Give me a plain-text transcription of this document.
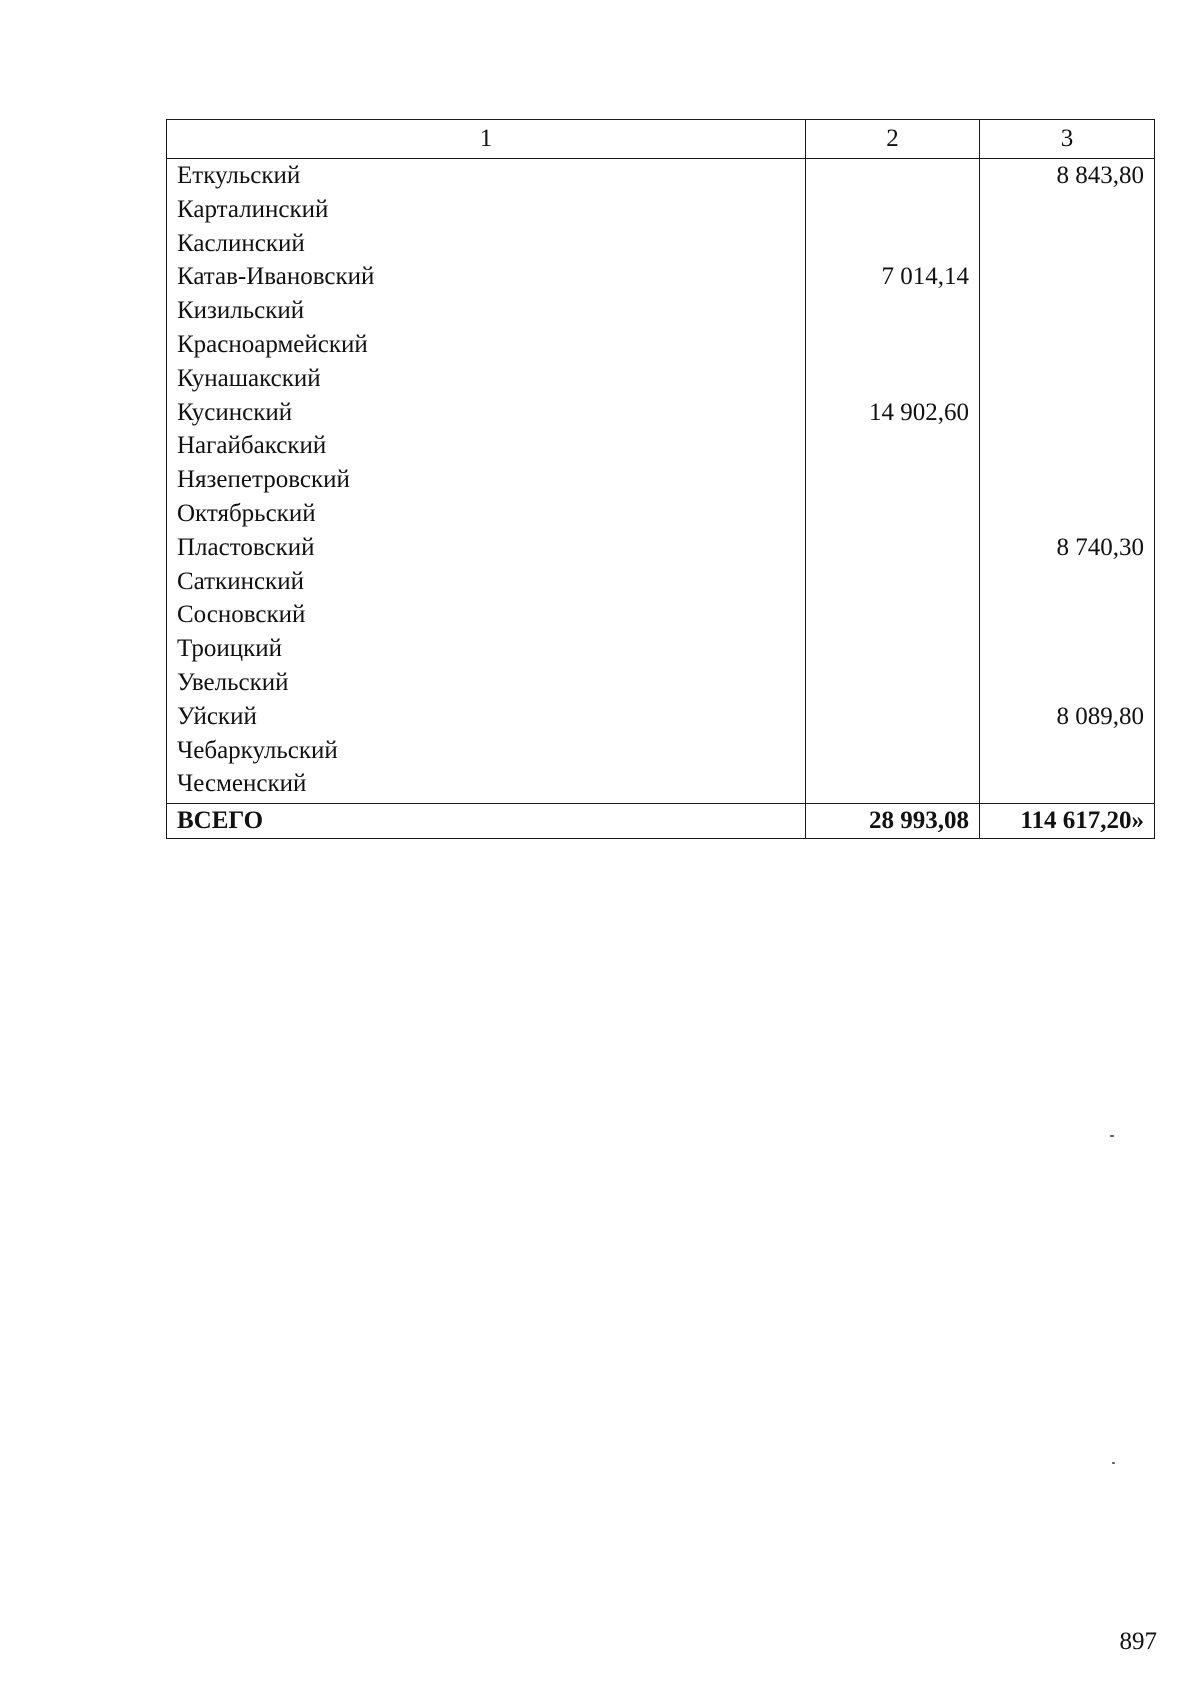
1	2	3
Еткульский		8 843,80
Карталинский		
Каслинский		
Катав-Ивановский	7 014,14	
Кизильский		
Красноармейский		
Кунашакский		
Кусинский	14 902,60	
Нагайбакский		
Нязепетровский		
Октябрьский		
Пластовский		8 740,30
Саткинский		
Сосновский		
Троицкий		
Увельский		
Уйский		8 089,80
Чебаркульский		
Чесменский		
ВСЕГО	28 993,08	114 617,20»
897
